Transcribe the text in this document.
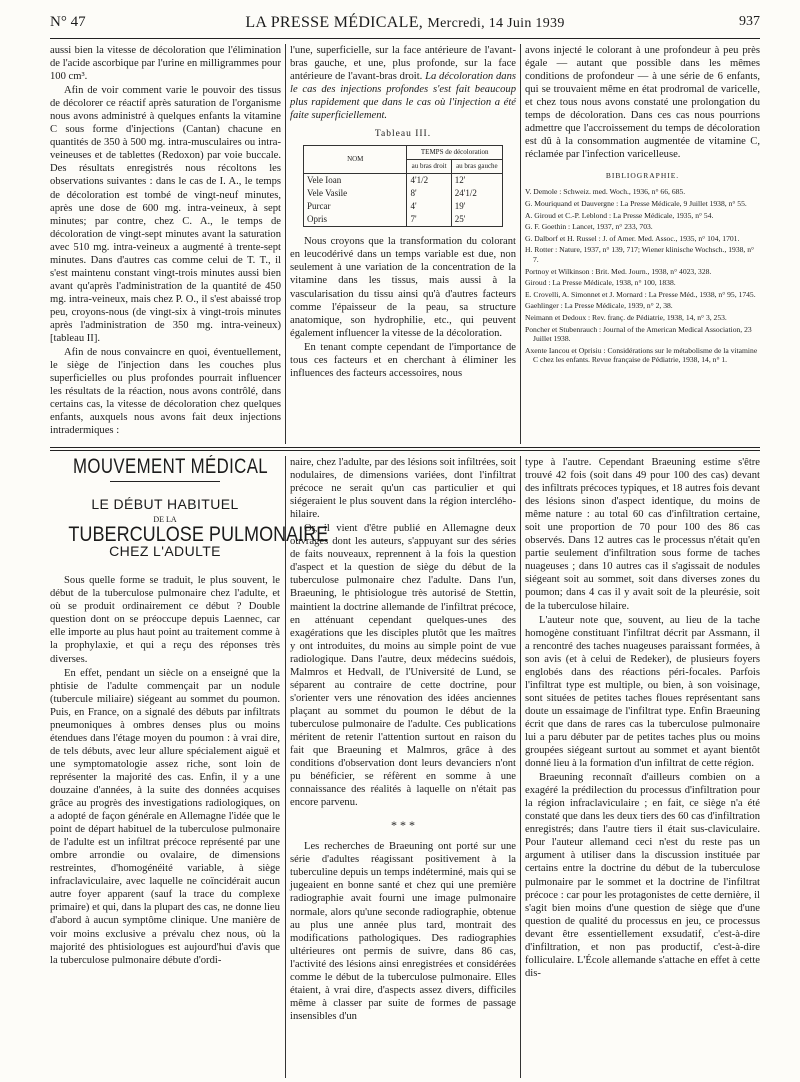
N° 47	LA PRESSE MÉDICALE, Mercredi, 14 Juin 1939	937

aussi bien la vitesse de décoloration que l'élimination de l'acide ascorbique par l'urine en milligrammes pour 100 cm³.

Afin de voir comment varie le pouvoir des tissus de décolorer ce réactif après saturation de l'organisme nous avons administré à quelques enfants la vitamine C sous forme d'injections (Cantan) chacune en quantités de 350 à 500 mg. intra-musculaires ou intra-veineuses et de tablettes (Redoxon) par voie buccale. Des résultats enregistrés nous récoltons les observations suivantes : dans le cas de I. A., le temps de décoloration est tombé de vingt-neuf minutes, après une dose de 600 mg. intra-veineux, à sept minutes; par contre, chez C. A., le temps de décoloration de vingt-sept minutes avant la saturation avec 510 mg. intra-veineux a augmenté à trente-sept minutes. Dans d'autres cas comme celui de T. T., il s'est maintenu constant vingt-trois minutes aussi bien avant qu'après l'administration de la quantité de 450 mg. intra-veineux, mais chez P. O., il s'est abaissé trop peu, croyons-nous (de vingt-six à vingt-trois minutes après l'administration de 350 mg. intra-veineux) [tableau II].

Afin de nous convaincre en quoi, éventuellement, le siège de l'injection dans les couches plus superficielles ou plus profondes pourrait influencer les résultats de la réaction, nous avons contrôlé, dans certains cas, la vitesse de décoloration chez quelques enfants, auxquels nous avons fait deux injections intradermiques :

l'une, superficielle, sur la face antérieure de l'avant-bras gauche, et une, plus profonde, sur la face antérieure de l'avant-bras droit. La décoloration dans le cas des injections profondes s'est fait beaucoup plus rapidement que dans le cas où l'injection a été faite superficiellement.

Tableau III.
NOM	TEMPS de décoloration	
	au bras droit	au bras gauche
Vele Ioan	4'1/2	12'
Vele Vasile	8'	24'1/2
Purcar	4'	19'
Opris	7'	25'

Nous croyons que la transformation du colorant en leucodérivé dans un temps variable est due, non seulement à une variation de la concentration de la vitamine dans les tissus, mais aussi à la vascularisation du tissu ainsi qu'à d'autres facteurs comme l'épaisseur de la peau, sa structure anatomique, son hydrophilie, etc., qui peuvent également influencer la vitesse de la décoloration.

En tenant compte cependant de l'importance de tous ces facteurs et en cherchant à éliminer les influences des facteurs accessoires, nous

avons injecté le colorant à une profondeur à peu près égale — autant que possible dans les mêmes conditions de profondeur — à une série de 6 enfants, qui se trouvaient même en état prodromal de varicelle, et chez tous nous avons constaté une prolongation du temps de décoloration. Dans ces cas nous pourrions admettre que l'accroissement du temps de décoloration est dû à la consommation augmentée de vitamine C, réclamée par l'infection varicelleuse.

BIBLIOGRAPHIE.
V. Demole : Schweiz. med. Woch., 1936, n° 66, 685.
G. Mouriquand et Dauvergne : La Presse Médicale, 9 Juillet 1938, n° 55.
A. Giroud et C.-P. Leblond : La Presse Médicale, 1935, n° 54.
G. F. Goethin : Lancet, 1937, n° 233, 703.
G. Dalborf et H. Russel : J. of Amer. Med. Assoc., 1935, n° 104, 1701.
H. Rotter : Nature, 1937, n° 139, 717; Wiener klinische Wochsch., 1938, n° 7.
Portnoy et Wilkinson : Brit. Med. Journ., 1938, n° 4023, 328.
Giroud : La Presse Médicale, 1938, n° 100, 1838.
E. Crovelli, A. Simonnet et J. Mornard : La Presse Méd., 1938, n° 95, 1745.
Gaehlinger : La Presse Médicale, 1939, n° 2, 38.
Neimann et Dedoux : Rev. franç. de Pédiatrie, 1938, 14, n° 3, 253.
Poncher et Stubenrauch : Journal of the American Medical Association, 23 Juillet 1938.
Axente Iancou et Oprisiu : Considérations sur le métabolisme de la vitamine C chez les enfants. Revue française de Pédiatrie, 1938, 14, n° 1.
MOUVEMENT MÉDICAL
LE DÉBUT HABITUEL
DE LA
TUBERCULOSE PULMONAIRE
CHEZ L'ADULTE

Sous quelle forme se traduit, le plus souvent, le début de la tuberculose pulmonaire chez l'adulte, et où se produit ordinairement ce début ? Double question dont on se préoccupe depuis Laennec, car elle importe au plus haut point au traitement comme à la prophylaxie, et qui a reçu des réponses très diverses.

En effet, pendant un siècle on a enseigné que la phtisie de l'adulte commençait par un nodule (tubercule miliaire) siégeant au sommet du poumon. Puis, en France, on a signalé des débuts par infiltrats pneumoniques à ombres denses plus ou moins étendues dans l'étage moyen du poumon : à vrai dire, de tels débuts, avec leur allure spécialement aiguë et une symptomatologie assez riche, sont loin de représenter la majorité des cas. Enfin, il y a une douzaine d'années, à la suite des données acquises grâce au progrès des investigations radiologiques, on a adopté de façon générale en Allemagne l'idée que le point de départ habituel de la tuberculose pulmonaire de l'adulte est un infiltrat précoce représenté par une ombre arrondie ou ovalaire, de dimensions restreintes, d'homogénéité variable, à siège infraclaviculaire, avec laquelle ne coïncidérait aucun autre foyer apparent (sauf la trace du complexe primaire) et qui, dans la plupart des cas, ne donne lieu d'abord à aucun symptôme clinique. Une manière de voir moins exclusive a prévalu chez nous, où la majorité des phtisiologues est aujourd'hui d'avis que la tuberculose pulmonaire débute d'ordi-

naire, chez l'adulte, par des lésions soit infiltrées, soit nodulaires, de dimensions variées, dont l'infiltrat précoce ne serait qu'un cas particulier et qui siégeraient le plus souvent dans la région interclého-hilaire.

Or, il vient d'être publié en Allemagne deux ouvrages dont les auteurs, s'appuyant sur des séries de faits nouveaux, reprennent à la fois la question d'aspect et la question de siège du début de la tuberculose pulmonaire chez l'adulte. Dans l'un, Braeuning, le phtisiologue très autorisé de Stettin, maintient la doctrine allemande de l'infiltrat précoce, en atténuant cependant quelques-unes des exagérations que les disciples plutôt que les maîtres y ont introduites, du moins au simple point de vue radiologique. Dans l'autre, deux médecins suédois, Malmros et Hedvall, de l'Université de Lund, se séparent au contraire de cette doctrine, pour s'orienter vers une rénovation des idées anciennes plaçant au sommet du poumon le début de la tuberculose pulmonaire de l'adulte. Ces publications méritent de retenir l'attention surtout en raison du fait que Braeuning et Malmros, grâce à des conditions d'observation dont leurs devanciers n'ont pu bénéficier, se réfèrent en somme à une connaissance des réalités à laquelle on n'était pas encore parvenu.

* * *

Les recherches de Braeuning ont porté sur une série d'adultes réagissant positivement à la tuberculine depuis un temps indéterminé, mais qui se jugeaient en bonne santé et chez qui une première radiographie avait fourni une image pulmonaire normale, alors qu'une seconde radiographie, obtenue au plus une année plus tard, montrait des modifications pathologiques. Des radiographies ultérieures ont permis de suivre, dans 86 cas, l'activité des lésions ainsi enregistrées et considérées comme le début de la tuberculose pulmonaire. Elles étaient, à vrai dire, d'aspects assez divers, difficiles même à classer par suite de formes de passage insensibles d'un

type à l'autre. Cependant Braeuning estime s'être trouvé 42 fois (soit dans 49 pour 100 des cas) devant des infiltrats précoces typiques, et 18 autres fois devant des lésions sinon d'aspect identique, du moins de même nature : au total 60 cas d'infiltration certaine, soit une proportion de 70 pour 100 des 86 cas observés. Dans 12 autres cas le processus n'était qu'en partie seulement d'infiltration sous forme de taches nuageuses ; dans 10 autres cas il s'agissait de nodules siégeant soit au sommet, soit dans diverses zones du poumon; dans 4 cas il y avait soit de la pleurésie, soit de la tuberculose hilaire.

L'auteur note que, souvent, au lieu de la tache homogène constituant l'infiltrat décrit par Assmann, il a rencontré des taches nuageuses paraissant formées, à son avis (et à celui de Redeker), de plusieurs foyers englobés dans des réactions péri-focales. Parfois l'infiltrat type est multiple, ou bien, à son voisinage, sont situées de petites taches floues représentant sans doute un essaimage de l'infiltrat type. Enfin Braeuning écrit que dans de rares cas la tuberculose pulmonaire lui a paru débuter par de petites taches plus ou moins groupées siégeant surtout au sommet et ayant bientôt donné lieu à la formation d'un infiltrat de cette région.

Braeuning reconnaît d'ailleurs combien on a exagéré la prédilection du processus d'infiltration pour la région infraclaviculaire ; en fait, ce siège n'a été constaté que dans les deux tiers des 60 cas d'infiltration enregistrés; dans l'autre tiers il était sus-claviculaire. Pour l'auteur allemand ceci n'est du reste pas un argument à utiliser dans la discussion instituée par certains entre la doctrine du début de la tuberculose pulmonaire par le sommet et la doctrine de l'infiltrat précoce : car pour les protagonistes de cette dernière, il s'agit bien moins d'une question de siège que d'une question de qualité du processus en jeu, ce processus devant être essentiellement exsudatif, c'est-à-dire d'infiltration, et non pas productif, c'est-à-dire folliculaire. L'École allemande s'attache en effet à cette dis-
